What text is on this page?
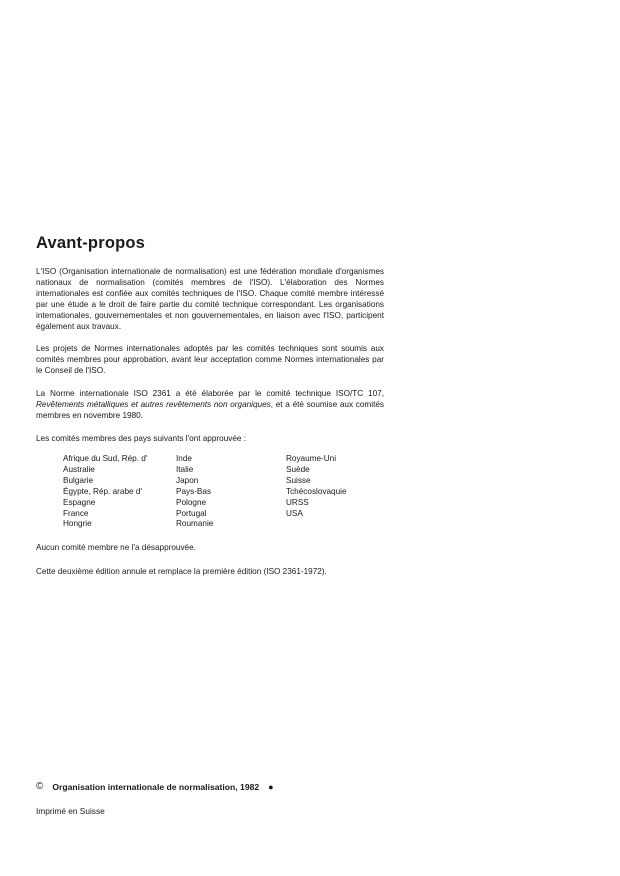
Avant-propos

L'ISO (Organisation internationale de normalisation) est une fédération mondiale d'organismes nationaux de normalisation (comités membres de l'ISO). L'élaboration des Normes internationales est confiée aux comités techniques de l'ISO. Chaque comité membre intéressé par une étude a le droit de faire partie du comité technique correspondant. Les organisations internationales, gouvernementales et non gouvernementales, en liaison avec l'ISO, participent également aux travaux.

Les projets de Normes internationales adoptés par les comités techniques sont soumis aux comités membres pour approbation, avant leur acceptation comme Normes internationales par le Conseil de l'ISO.

La Norme internationale ISO 2361 a été élaborée par le comité technique ISO/TC 107, Revêtements métalliques et autres revêtements non organiques, et a été soumise aux comités membres en novembre 1980.

Les comités membres des pays suivants l'ont approuvée :

Afrique du Sud, Rép. d'
Australie
Bulgarie
Égypte, Rép. arabe d'
Espagne
France
Hongrie
Inde
Italie
Japon
Pays-Bas
Pologne
Portugal
Roumanie
Royaume-Uni
Suède
Suisse
Tchécoslovaquie
URSS
USA

Aucun comité membre ne l'a désapprouvée.

Cette deuxième édition annule et remplace la première édition (ISO 2361-1972).

© Organisation internationale de normalisation, 1982 ●
Imprimé en Suisse
